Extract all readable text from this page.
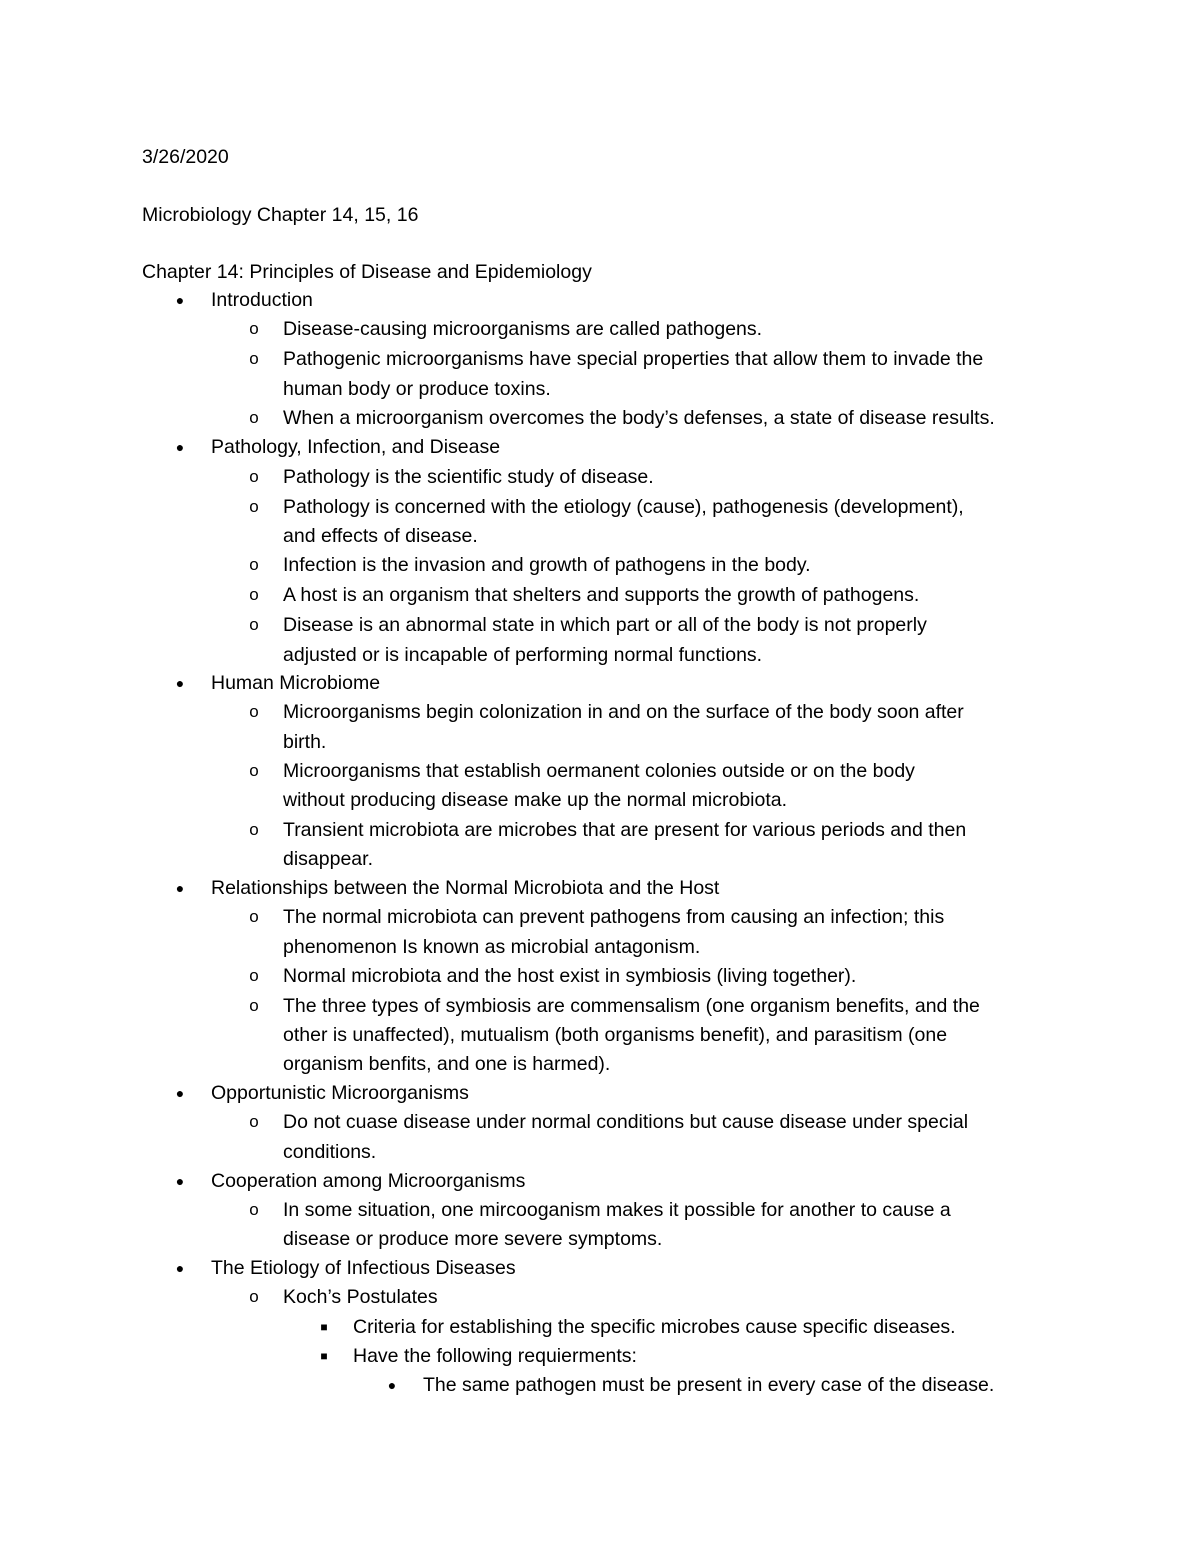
3/26/2020
Microbiology Chapter 14, 15, 16
Chapter 14: Principles of Disease and Epidemiology
● Introduction
o Disease-causing microorganisms are called pathogens.
o Pathogenic microorganisms have special properties that allow them to invade the
human body or produce toxins.
o When a microorganism overcomes the body’s defenses, a state of disease results.
● Pathology, Infection, and Disease
o Pathology is the scientific study of disease.
o Pathology is concerned with the etiology (cause), pathogenesis (development),
and effects of disease.
o Infection is the invasion and growth of pathogens in the body.
o A host is an organism that shelters and supports the growth of pathogens.
o Disease is an abnormal state in which part or all of the body is not properly
adjusted or is incapable of performing normal functions.
● Human Microbiome
o Microorganisms begin colonization in and on the surface of the body soon after
birth.
o Microorganisms that establish oermanent colonies outside or on the body
without producing disease make up the normal microbiota.
o Transient microbiota are microbes that are present for various periods and then
disappear.
● Relationships between the Normal Microbiota and the Host
o The normal microbiota can prevent pathogens from causing an infection; this
phenomenon Is known as microbial antagonism.
o Normal microbiota and the host exist in symbiosis (living together).
o The three types of symbiosis are commensalism (one organism benefits, and the
other is unaffected), mutualism (both organisms benefit), and parasitism (one
organism benfits, and one is harmed).
● Opportunistic Microorganisms
o Do not cuase disease under normal conditions but cause disease under special
conditions.
● Cooperation among Microorganisms
o In some situation, one mircooganism makes it possible for another to cause a
disease or produce more severe symptoms.
● The Etiology of Infectious Diseases
o Koch’s Postulates
■	Criteria for establishing the specific microbes cause specific diseases.
■	Have the following requierments:
● The same pathogen must be present in every case of the disease.
